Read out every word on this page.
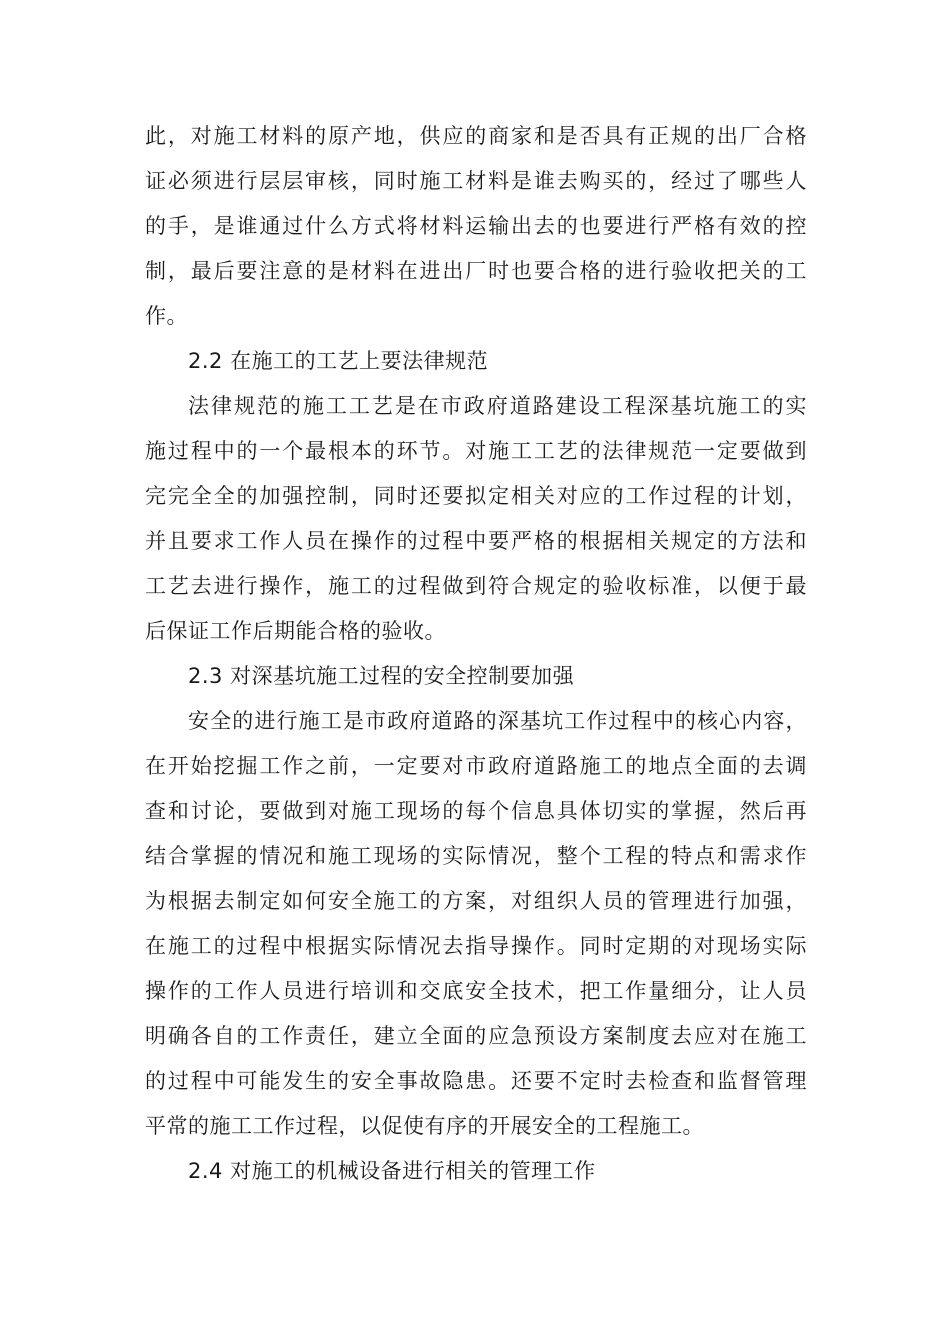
此，对施工材料的原产地，供应的商家和是否具有正规的出厂合格
证必须进行层层审核，同时施工材料是谁去购买的，经过了哪些人
的手，是谁通过什么方式将材料运输出去的也要进行严格有效的控
制，最后要注意的是材料在进出厂时也要合格的进行验收把关的工
作。
2.2 在施工的工艺上要法律规范
法律规范的施工工艺是在市政府道路建设工程深基坑施工的实
施过程中的一个最根本的环节。对施工工艺的法律规范一定要做到
完完全全的加强控制，同时还要拟定相关对应的工作过程的计划，
并且要求工作人员在操作的过程中要严格的根据相关规定的方法和
工艺去进行操作，施工的过程做到符合规定的验收标准，以便于最
后保证工作后期能合格的验收。
2.3 对深基坑施工过程的安全控制要加强
安全的进行施工是市政府道路的深基坑工作过程中的核心内容，
在开始挖掘工作之前，一定要对市政府道路施工的地点全面的去调
查和讨论，要做到对施工现场的每个信息具体切实的掌握，然后再
结合掌握的情况和施工现场的实际情况，整个工程的特点和需求作
为根据去制定如何安全施工的方案，对组织人员的管理进行加强，
在施工的过程中根据实际情况去指导操作。同时定期的对现场实际
操作的工作人员进行培训和交底安全技术，把工作量细分，让人员
明确各自的工作责任，建立全面的应急预设方案制度去应对在施工
的过程中可能发生的安全事故隐患。还要不定时去检查和监督管理
平常的施工工作过程，以促使有序的开展安全的工程施工。
2.4 对施工的机械设备进行相关的管理工作
